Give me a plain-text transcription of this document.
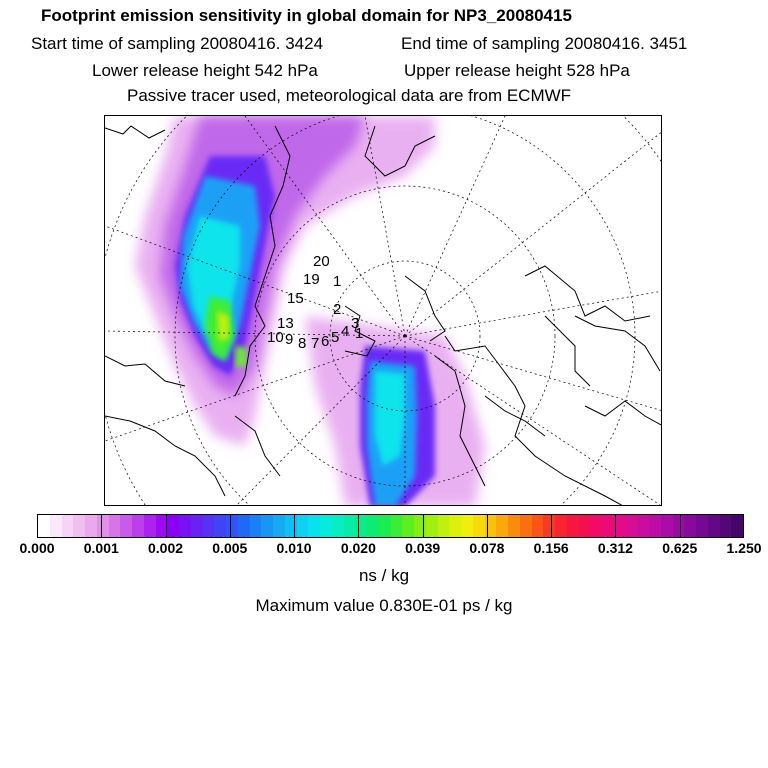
Footprint emission sensitivity in global domain for NP3_20080415
Start time of sampling 20080416. 3424	End time of sampling 20080416. 3451
Lower release height 542 hPa	Upper release height 528 hPa
Passive tracer used, meteorological data are from ECMWF
20
1
19
15
13
10 9 8 7 6 5 4 3
2
1
0.000 0.001 0.002 0.005 0.010 0.020 0.039 0.078 0.156 0.312 0.625 1.250
ns / kg
Maximum value 0.830E-01 ps / kg
